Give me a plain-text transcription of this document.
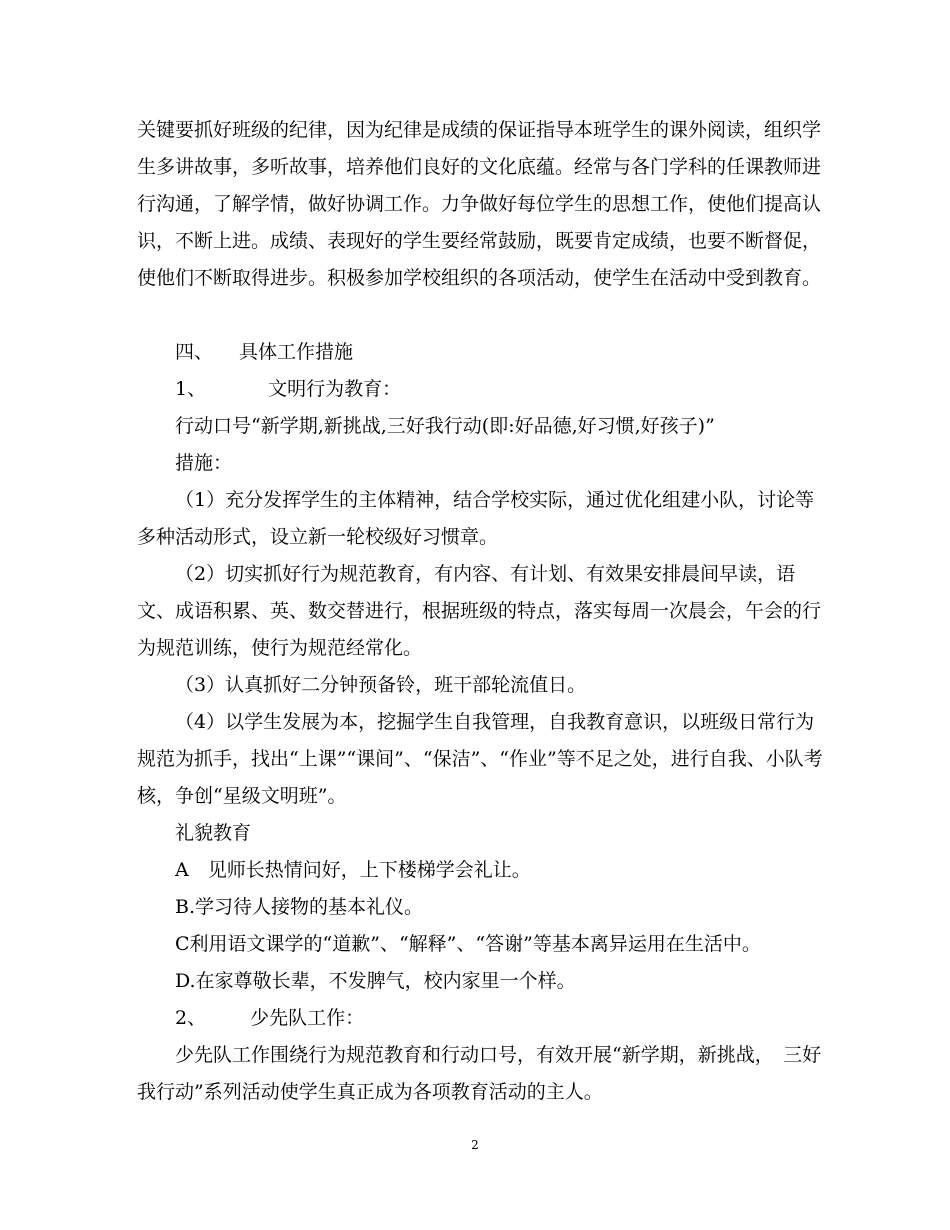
关键要抓好班级的纪律，因为纪律是成绩的保证指导本班学生的课外阅读，组织学
生多讲故事，多听故事，培养他们良好的文化底蕴。经常与各门学科的任课教师进
行沟通，了解学情，做好协调工作。力争做好每位学生的思想工作，使他们提高认
识，不断上进。成绩、表现好的学生要经常鼓励，既要肯定成绩，也要不断督促，
使他们不断取得进步。积极参加学校组织的各项活动，使学生在活动中受到教育。
四、 具体工作措施
1、	文明行为教育：
行动口号“新学期,新挑战,三好我行动(即:好品德,好习惯,好孩子)”
措施：
（1）充分发挥学生的主体精神，结合学校实际，通过优化组建小队，讨论等
多种活动形式，设立新一轮校级好习惯章。
（2）切实抓好行为规范教育，有内容、有计划、有效果安排晨间早读，语
文、成语积累、英、数交替进行，根据班级的特点，落实每周一次晨会，午会的行
为规范训练，使行为规范经常化。
（3）认真抓好二分钟预备铃，班干部轮流值日。
（4）以学生发展为本，挖掘学生自我管理，自我教育意识，以班级日常行为
规范为抓手，找出“上课”“课间”、“保洁”、“作业”等不足之处，进行自我、小队考
核，争创“星级文明班”。
礼貌教育
A　见师长热情问好，上下楼梯学会礼让。
B.学习待人接物的基本礼仪。
C利用语文课学的“道歉”、“解释”、“答谢”等基本离异运用在生活中。
D.在家尊敬长辈，不发脾气，校内家里一个样。
2、 少先队工作：
少先队工作围绕行为规范教育和行动口号，有效开展“新学期，新挑战，　三好
我行动”系列活动使学生真正成为各项教育活动的主人。
2
